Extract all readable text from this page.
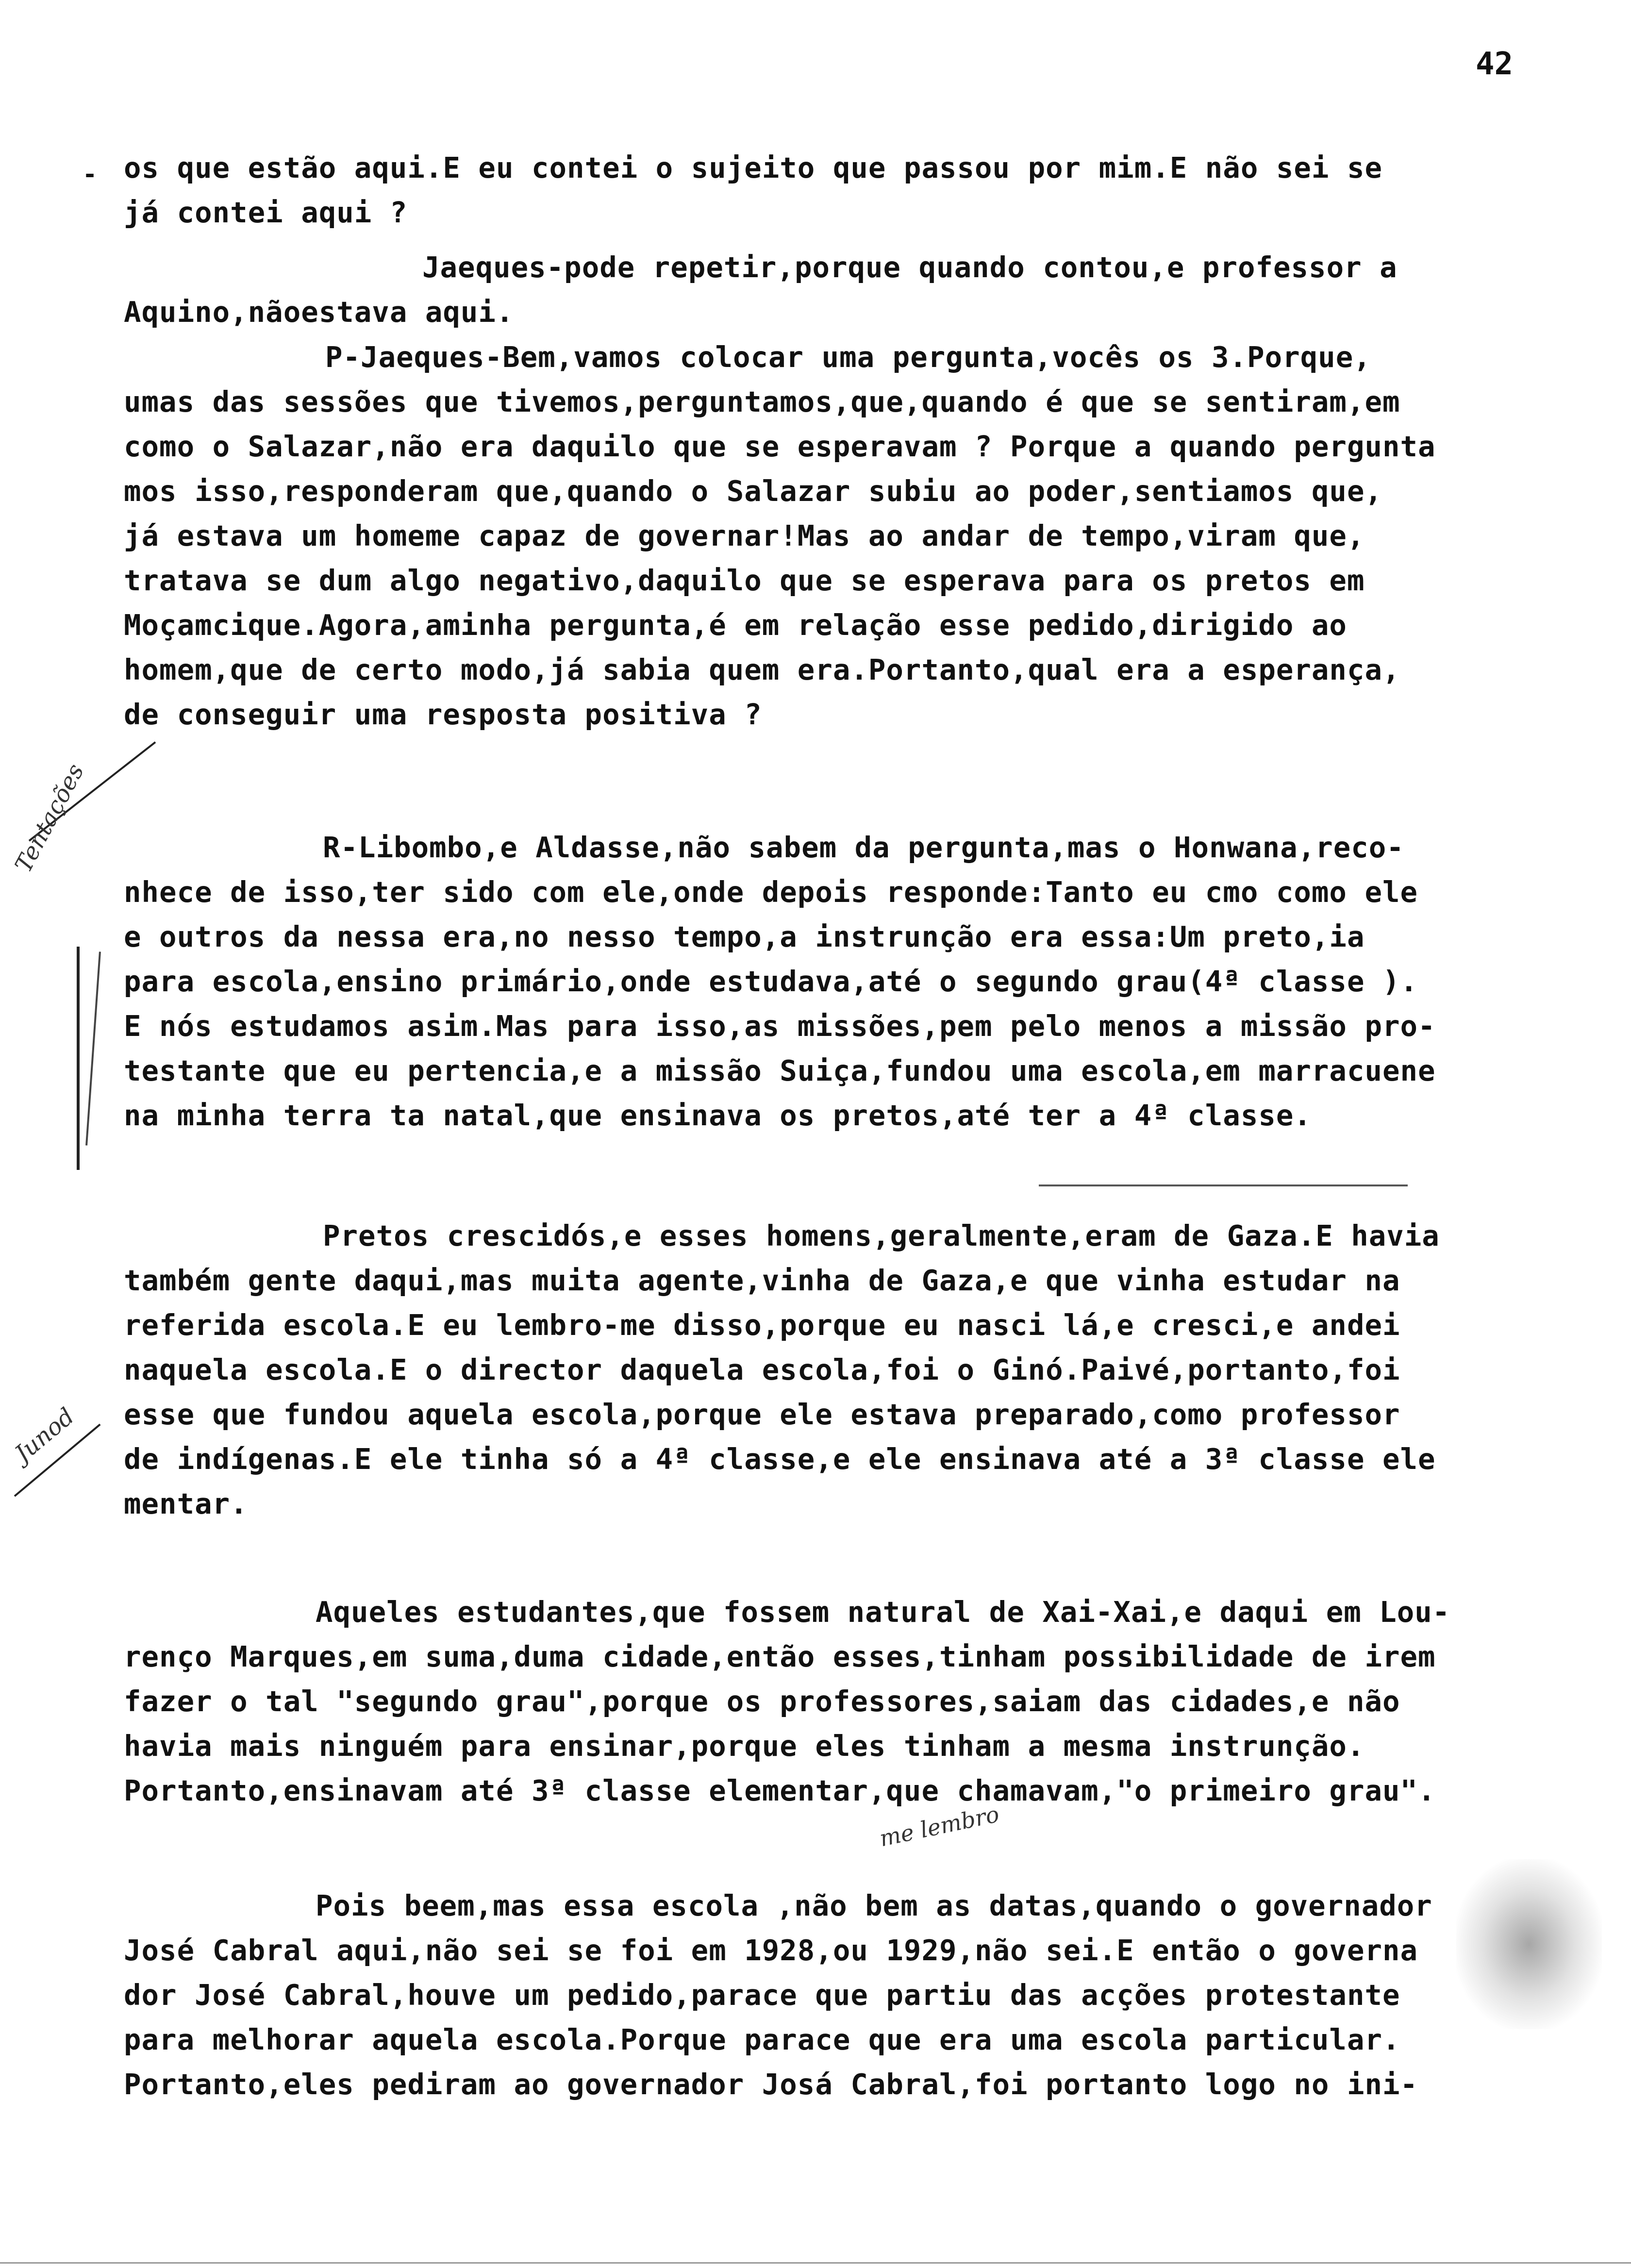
42
- os que estão aqui.E eu contei o sujeito que passou por mim.E não sei se
já contei aqui ?
Jaeques-pode repetir,porque quando contou,e professor a
Aquino,nãoestava aqui.
P-Jaeques-Bem,vamos colocar uma pergunta,vocês os 3.Porque,
umas das sessões que tivemos,perguntamos,que,quando é que se sentiram,em
como o Salazar,não era daquilo que se esperavam ? Porque a quando pergunta
mos isso,responderam que,quando o Salazar subiu ao poder,sentiamos que,
já estava um homeme capaz de governar!Mas ao andar de tempo,viram que,
tratava se dum algo negativo,daquilo que se esperava para os pretos em
Moçamcique.Agora,aminha pergunta,é em relação esse pedido,dirigido ao
homem,que de certo modo,já sabia quem era.Portanto,qual era a esperança,
de conseguir uma resposta positiva ?
R-Libombo,e Aldasse,não sabem da pergunta,mas o Honwana,reco-
nhece de isso,ter sido com ele,onde depois responde:Tanto eu cmo como ele
e outros da nessa era,no nesso tempo,a instrunção era essa:Um preto,ia
para escola,ensino primário,onde estudava,até o segundo grau(4ª classe ).
E nós estudamos asim.Mas para isso,as missões,pem pelo menos a missão pro-
testante que eu pertencia,e a missão Suiça,fundou uma escola,em marracuene
na minha terra ta natal,que ensinava os pretos,até ter a 4ª classe.
Pretos crescidós,e esses homens,geralmente,eram de Gaza.E havia
também gente daqui,mas muita agente,vinha de Gaza,e que vinha estudar na
referida escola.E eu lembro-me disso,porque eu nasci lá,e cresci,e andei
naquela escola.E o director daquela escola,foi o Ginó.Paivé,portanto,foi
esse que fundou aquela escola,porque ele estava preparado,como professor
de indígenas.E ele tinha só a 4ª classe,e ele ensinava até a 3ª classe ele
mentar.
Aqueles estudantes,que fossem natural de Xai-Xai,e daqui em Lou-
renço Marques,em suma,duma cidade,então esses,tinham possibilidade de irem
fazer o tal "segundo grau",porque os professores,saiam das cidades,e não
havia mais ninguém para ensinar,porque eles tinham a mesma instrunção.
Portanto,ensinavam até 3ª classe elementar,que chamavam,"o primeiro grau".
Pois beem,mas essa escola ,não bem as datas,quando o governador
José Cabral aqui,não sei se foi em 1928,ou 1929,não sei.E então o governa
dor José Cabral,houve um pedido,parace que partiu das acções protestante
para melhorar aquela escola.Porque parace que era uma escola particular.
Portanto,eles pediram ao governador Josá Cabral,foi portanto logo no ini-
Tentações
Junod
me lembro
